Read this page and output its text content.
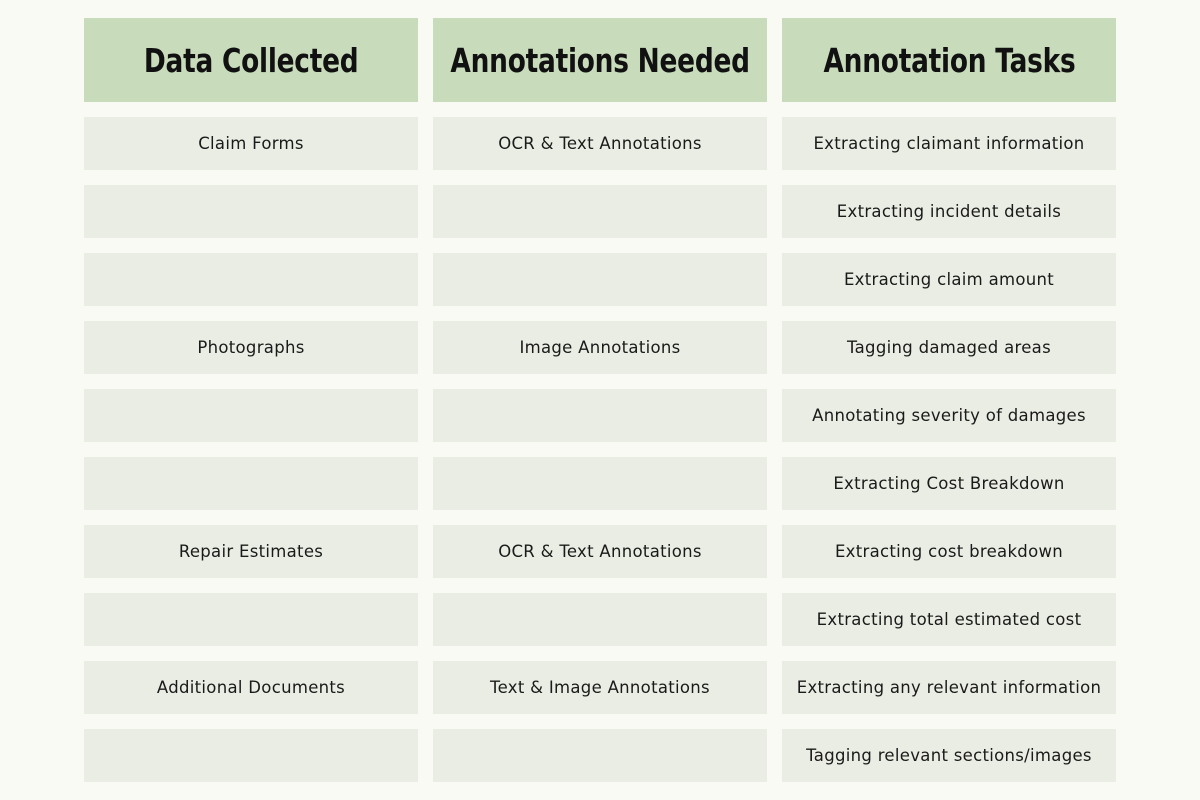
Data Collected
Claim Forms
Photographs
Repair Estimates
Additional Documents
Annotations Needed
OCR & Text Annotations
Image Annotations
OCR & Text Annotations
Text & Image Annotations
Annotation Tasks
Extracting claimant information
Extracting incident details
Extracting claim amount
Tagging damaged areas
Annotating severity of damages
Extracting Cost Breakdown
Extracting cost breakdown
Extracting total estimated cost
Extracting any relevant information
Tagging relevant sections/images
